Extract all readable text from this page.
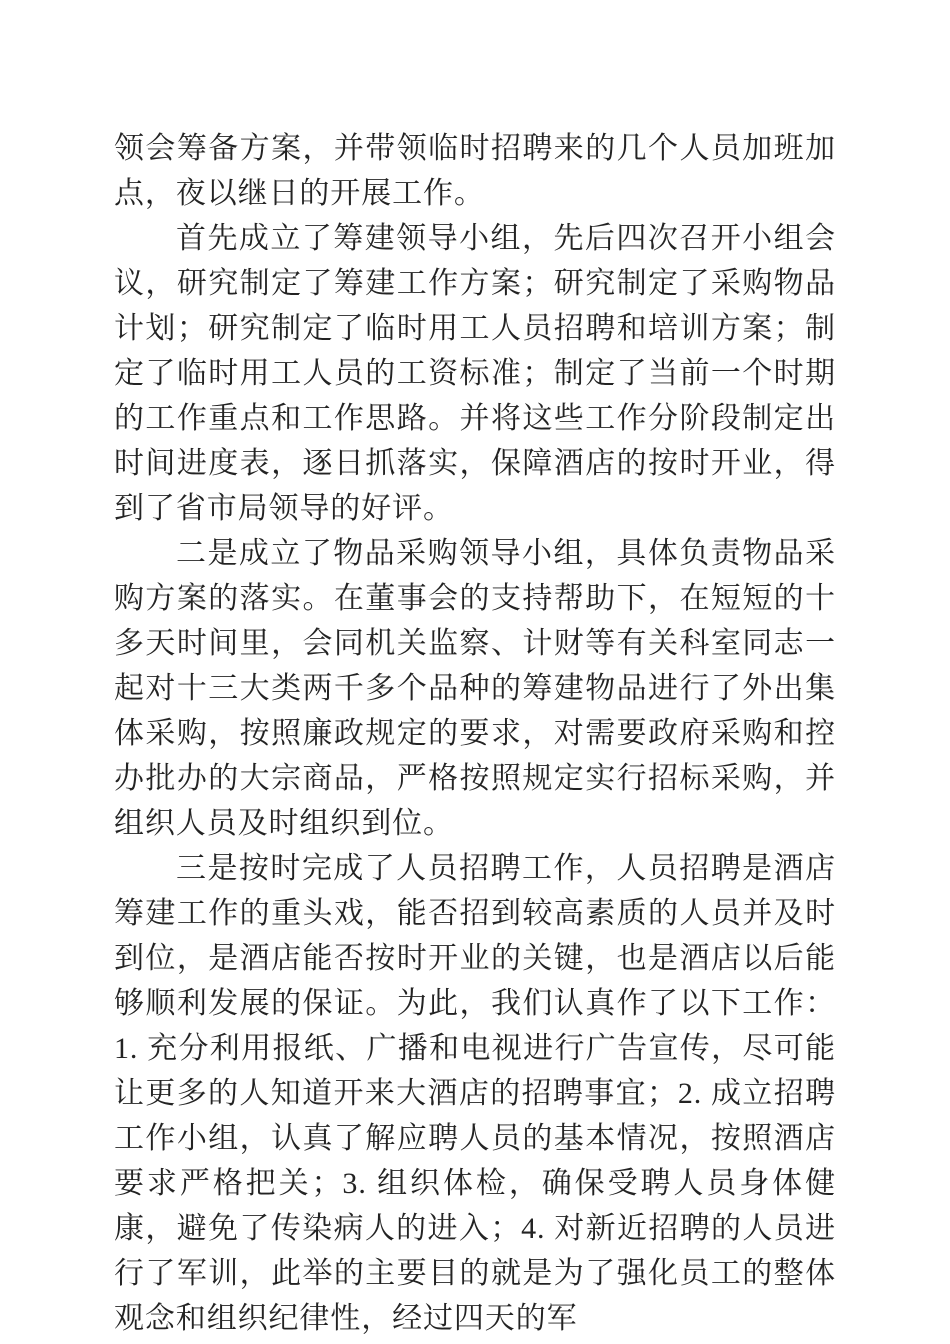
领会筹备方案，并带领临时招聘来的几个人员加班加点，夜以继日的开展工作。

首先成立了筹建领导小组，先后四次召开小组会议，研究制定了筹建工作方案；研究制定了采购物品计划；研究制定了临时用工人员招聘和培训方案；制定了临时用工人员的工资标准；制定了当前一个时期的工作重点和工作思路。并将这些工作分阶段制定出时间进度表，逐日抓落实，保障酒店的按时开业，得到了省市局领导的好评。

二是成立了物品采购领导小组，具体负责物品采购方案的落实。在董事会的支持帮助下，在短短的十多天时间里，会同机关监察、计财等有关科室同志一起对十三大类两千多个品种的筹建物品进行了外出集体采购，按照廉政规定的要求，对需要政府采购和控办批办的大宗商品，严格按照规定实行招标采购，并组织人员及时组织到位。

三是按时完成了人员招聘工作，人员招聘是酒店筹建工作的重头戏，能否招到较高素质的人员并及时到位，是酒店能否按时开业的关键，也是酒店以后能够顺利发展的保证。为此，我们认真作了以下工作：1. 充分利用报纸、广播和电视进行广告宣传，尽可能让更多的人知道开来大酒店的招聘事宜；2. 成立招聘工作小组，认真了解应聘人员的基本情况，按照酒店要求严格把关；3. 组织体检，确保受聘人员身体健康，避免了传染病人的进入；4. 对新近招聘的人员进行了军训，此举的主要目的就是为了强化员工的整体观念和组织纪律性，经过四天的军
